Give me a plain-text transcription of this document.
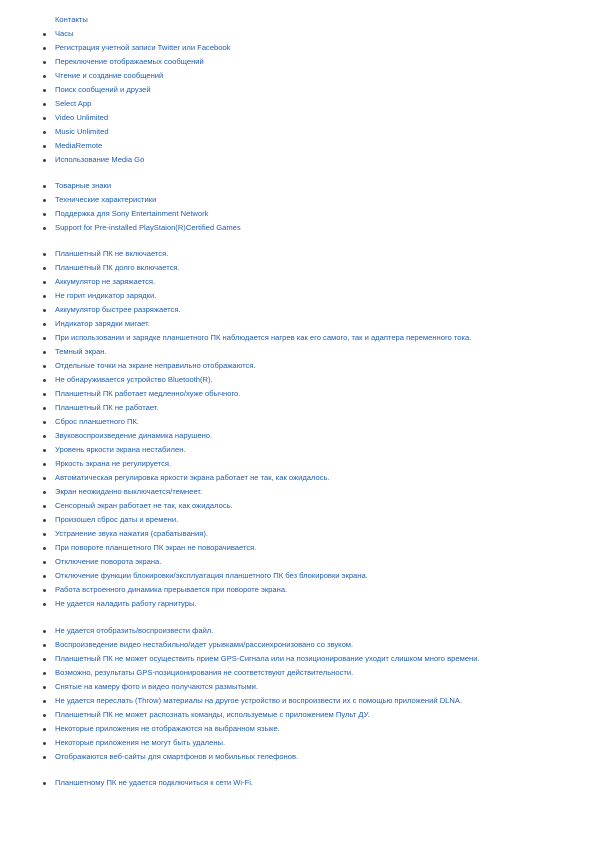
Контакты
Часы
Регистрация учетной записи Twitter или Facebook
Переключение отображаемых сообщений
Чтение и создание сообщений
Поиск сообщений и друзей
Select App
Video Unlimited
Music Unlimited
MediaRemote
Использование Media Go
Товарные знаки
Технические характеристики
Поддержка для Sony Entertainment Network
Support for Pre-installed PlayStaion(R)Certified Games
Планшетный ПК не включается.
Планшетный ПК долго включается.
Аккумулятор не заряжается.
Не горит индикатор зарядки.
Аккумулятор быстрее разряжается.
Индикатор зарядки мигает.
При использовании и зарядке планшетного ПК наблюдается нагрев как его самого, так и адаптера переменного тока.
Темный экран.
Отдельные точки на экране неправильно отображаются.
Не обнаруживается устройство Bluetooth(R).
Планшетный ПК работает медленно/хуже обычного.
Планшетный ПК не работает.
Сброс планшетного ПК.
Звуковоспроизведение динамика нарушено.
Уровень яркости экрана нестабилен.
Яркость экрана не регулируется.
Автоматическая регулировка яркости экрана работает не так, как ожидалось.
Экран неожиданно выключается/темнеет.
Сенсорный экран работает не так, как ожидалось.
Произошел сброс даты и времени.
Устранение звука нажатия (срабатывания).
При повороте планшетного ПК экран не поворачивается.
Отключение поворота экрана.
Отключение функции блокировки/эксплуатация планшетного ПК без блокировки экрана.
Работа встроенного динамика прерывается при повороте экрана.
Не удается наладить работу гарнитуры.
Не удается отобразить/воспроизвести файл.
Воспроизведение видео нестабильно/идет урывками/рассинхронизовано со звуком.
Планшетный ПК не может осуществить прием GPS-Сигнала или на позиционирование уходит слишком много времени.
Возможно, результаты GPS-позиционирования не соответствуют действительности.
Снятые на камеру фото и видео получаются размытыми.
Не удается переслать (Throw) материалы на другое устройство и воспроизвести их с помощью приложений DLNA.
Планшетный ПК не может распознать команды, используемые с приложением Пульт ДУ.
Некоторые приложения не отображаются на выбранном языке.
Некоторые приложения не могут быть удалены.
Отображаются веб-сайты для смартфонов и мобильных телефонов.
Планшетному ПК не удается подключиться к сети Wi-Fi.
